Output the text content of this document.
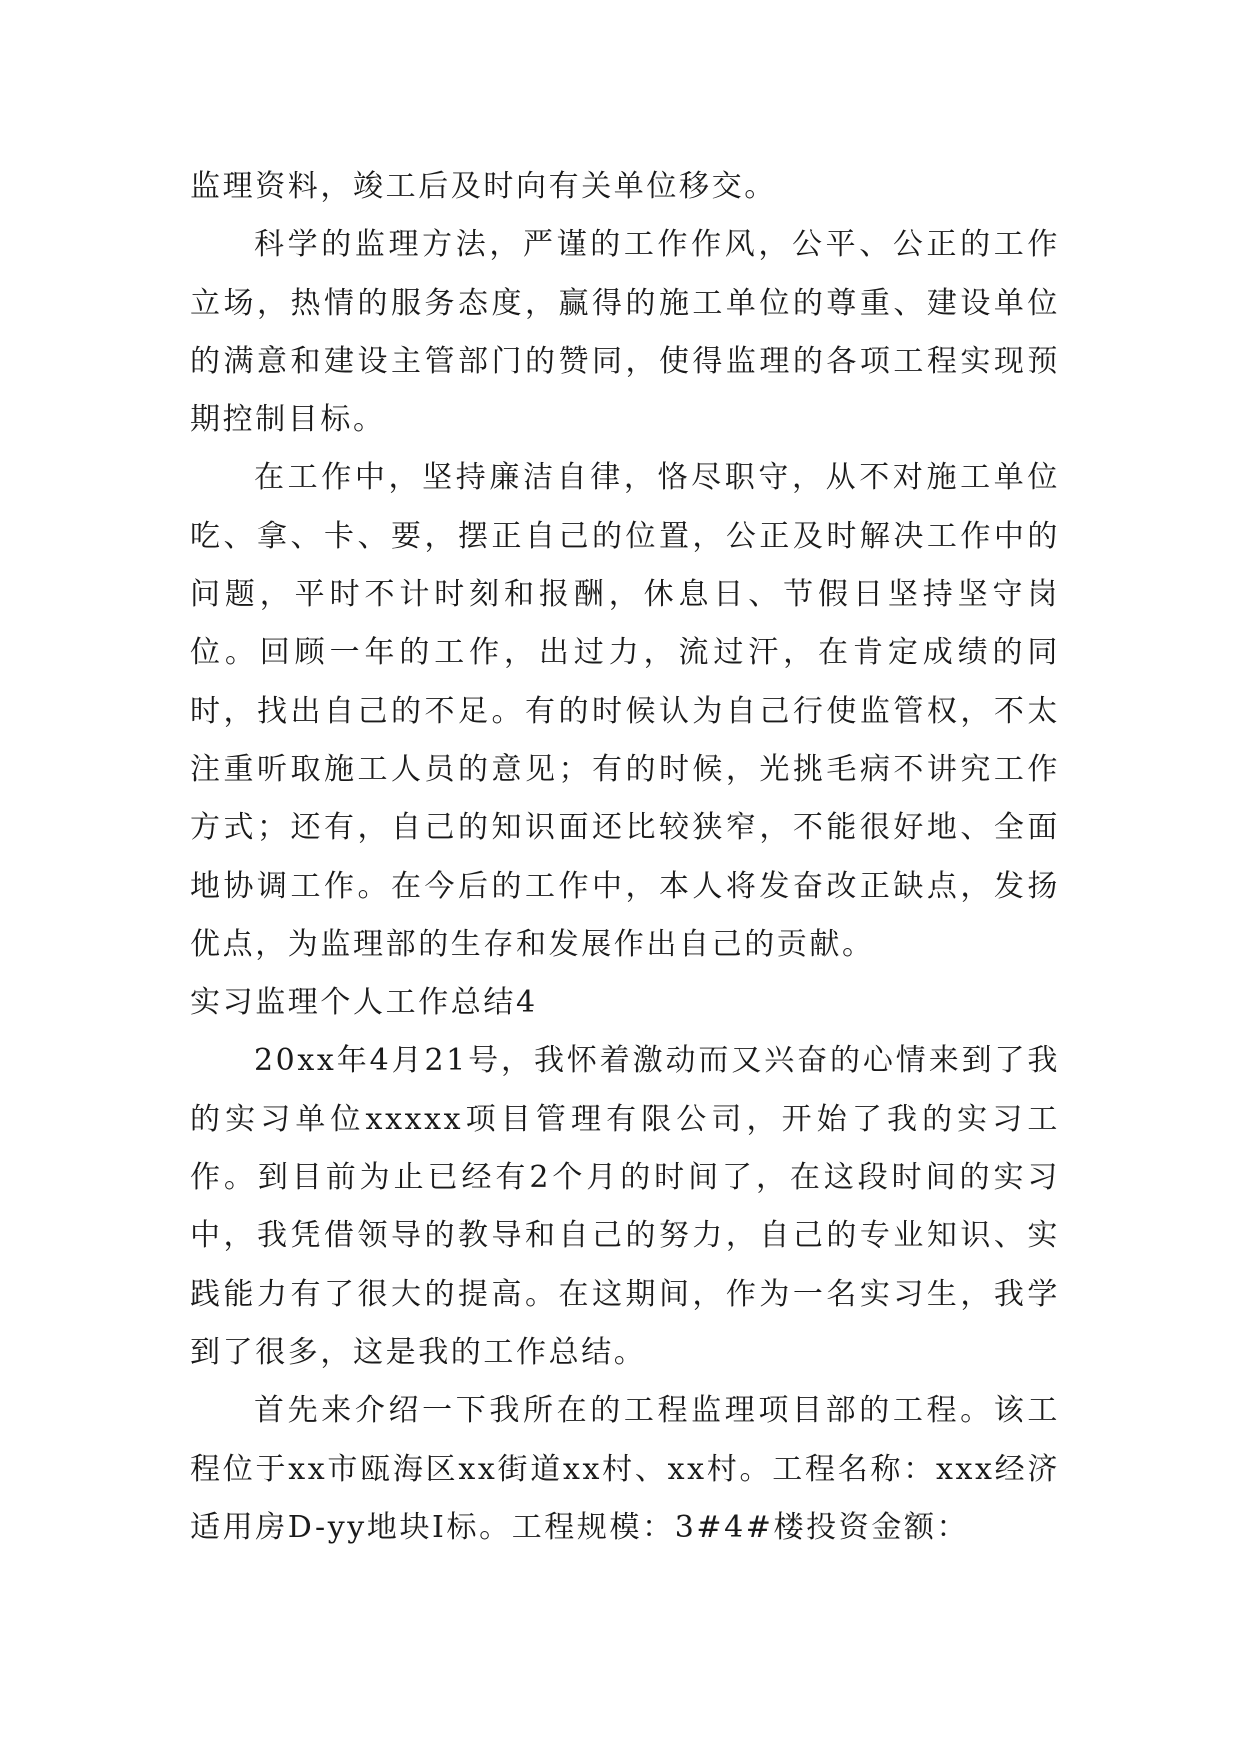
监理资料，竣工后及时向有关单位移交。

科学的监理方法，严谨的工作作风，公平、公正的工作立场，热情的服务态度，赢得的施工单位的尊重、建设单位的满意和建设主管部门的赞同，使得监理的各项工程实现预期控制目标。

在工作中，坚持廉洁自律，恪尽职守，从不对施工单位吃、拿、卡、要，摆正自己的位置，公正及时解决工作中的问题，平时不计时刻和报酬，休息日、节假日坚持坚守岗位。回顾一年的工作，出过力，流过汗，在肯定成绩的同时，找出自己的不足。有的时候认为自己行使监管权，不太注重听取施工人员的意见；有的时候，光挑毛病不讲究工作方式；还有，自己的知识面还比较狭窄，不能很好地、全面地协调工作。在今后的工作中，本人将发奋改正缺点，发扬优点，为监理部的生存和发展作出自己的贡献。

实习监理个人工作总结4

20xx年4月21号，我怀着激动而又兴奋的心情来到了我的实习单位xxxxx项目管理有限公司，开始了我的实习工作。到目前为止已经有2个月的时间了，在这段时间的实习中，我凭借领导的教导和自己的努力，自己的专业知识、实践能力有了很大的提高。在这期间，作为一名实习生，我学到了很多，这是我的工作总结。

首先来介绍一下我所在的工程监理项目部的工程。该工程位于xx市瓯海区xx街道xx村、xx村。工程名称：xxx经济适用房D-yy地块I标。工程规模：3#4#楼投资金额：
